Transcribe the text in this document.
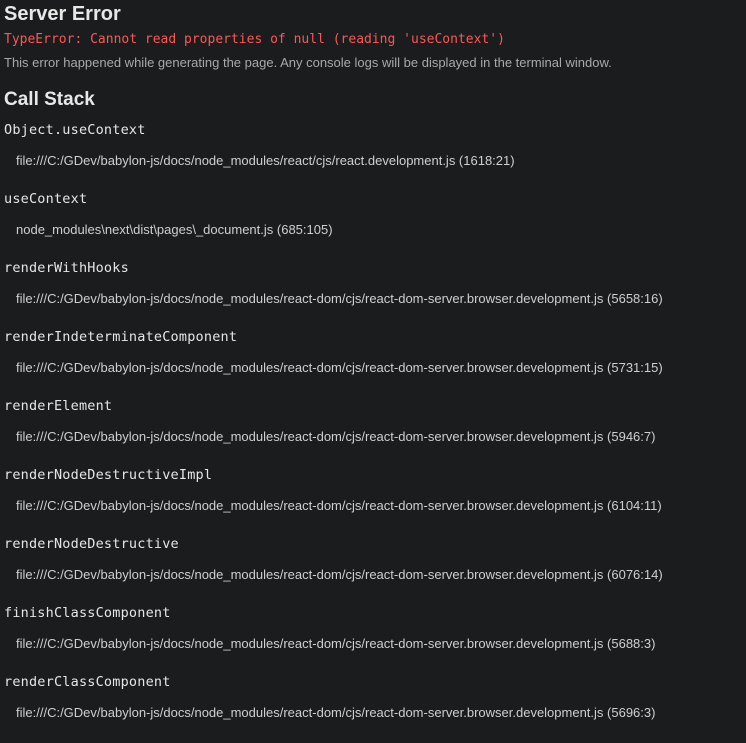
Server Error
TypeError: Cannot read properties of null (reading 'useContext')
This error happened while generating the page. Any console logs will be displayed in the terminal window.
Call Stack
Object.useContext
file:///C:/GDev/babylon-js/docs/node_modules/react/cjs/react.development.js (1618:21)
useContext
node_modules\next\dist\pages\_document.js (685:105)
renderWithHooks
file:///C:/GDev/babylon-js/docs/node_modules/react-dom/cjs/react-dom-server.browser.development.js (5658:16)
renderIndeterminateComponent
file:///C:/GDev/babylon-js/docs/node_modules/react-dom/cjs/react-dom-server.browser.development.js (5731:15)
renderElement
file:///C:/GDev/babylon-js/docs/node_modules/react-dom/cjs/react-dom-server.browser.development.js (5946:7)
renderNodeDestructiveImpl
file:///C:/GDev/babylon-js/docs/node_modules/react-dom/cjs/react-dom-server.browser.development.js (6104:11)
renderNodeDestructive
file:///C:/GDev/babylon-js/docs/node_modules/react-dom/cjs/react-dom-server.browser.development.js (6076:14)
finishClassComponent
file:///C:/GDev/babylon-js/docs/node_modules/react-dom/cjs/react-dom-server.browser.development.js (5688:3)
renderClassComponent
file:///C:/GDev/babylon-js/docs/node_modules/react-dom/cjs/react-dom-server.browser.development.js (5696:3)
